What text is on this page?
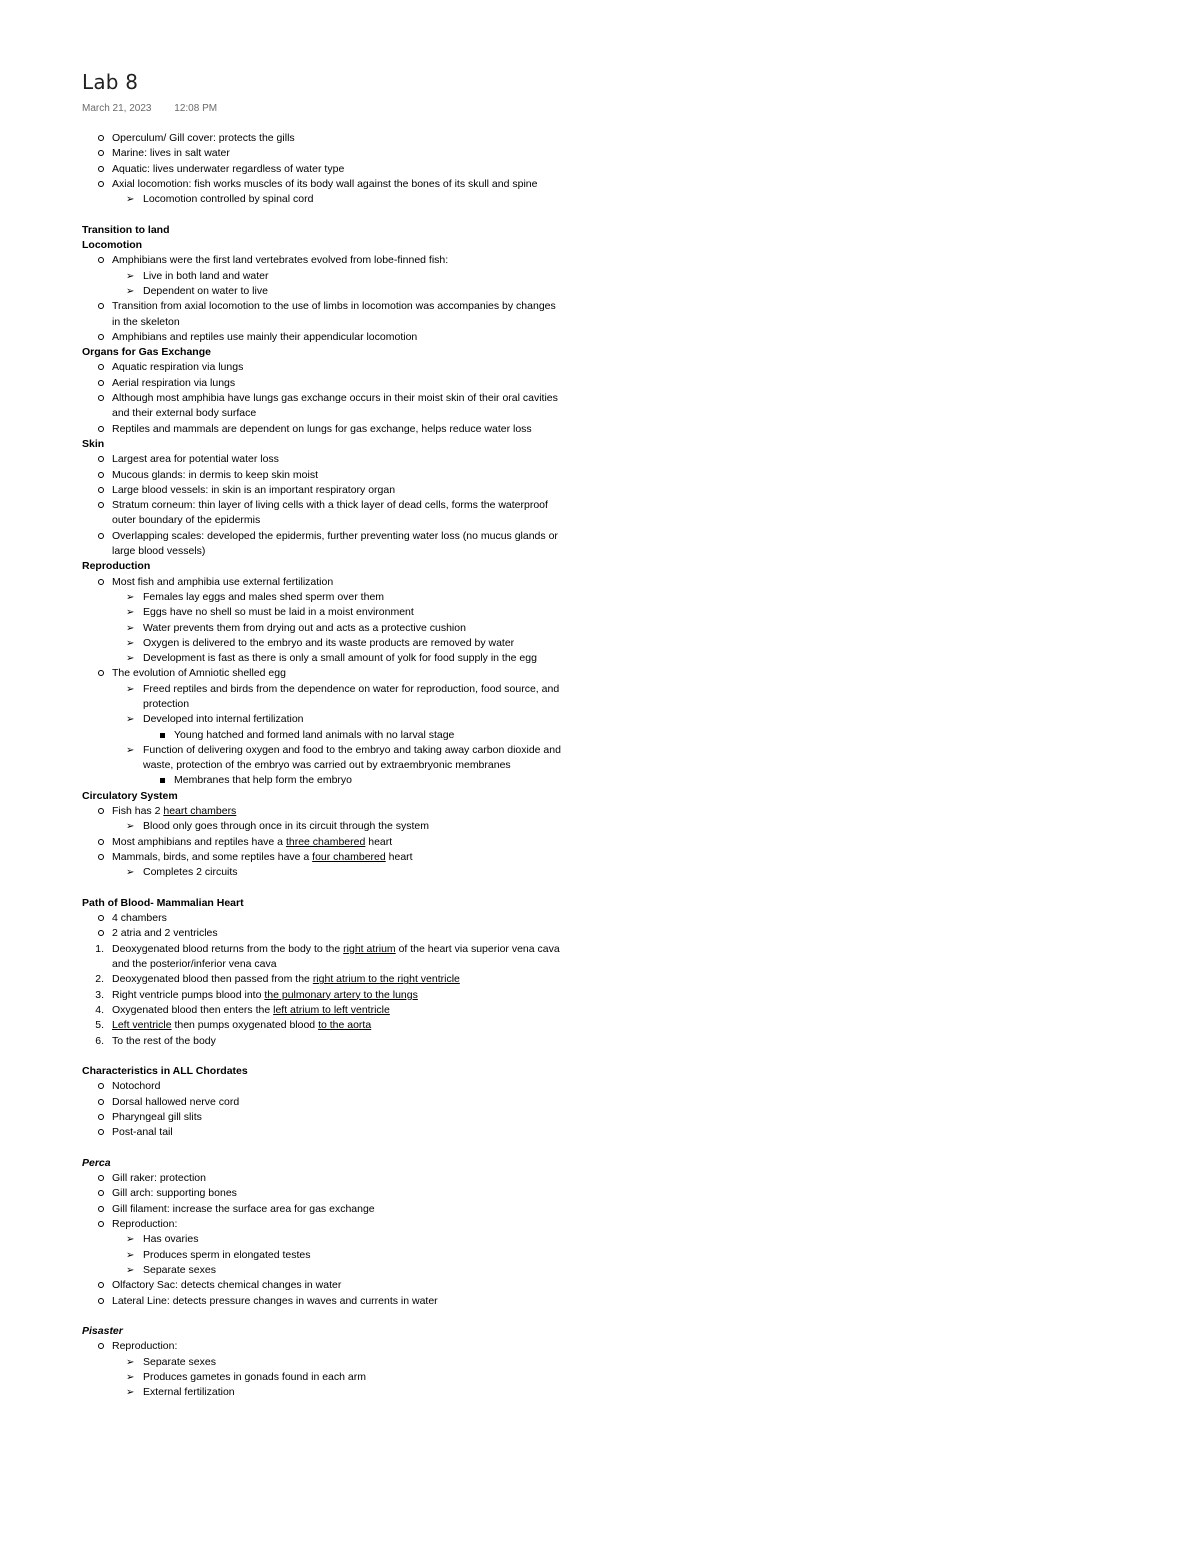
Lab 8
March 21, 2023 12:08 PM
Operculum/ Gill cover: protects the gills
Marine: lives in salt water
Aquatic: lives underwater regardless of water type
Axial locomotion: fish works muscles of its body wall against the bones of its skull and spine
➢ Locomotion controlled by spinal cord
Transition to land
Locomotion
Amphibians were the first land vertebrates evolved from lobe-finned fish:
➢ Live in both land and water
➢ Dependent on water to live
Transition from axial locomotion to the use of limbs in locomotion was accompanies by changes in the skeleton
Amphibians and reptiles use mainly their appendicular locomotion
Organs for Gas Exchange
Aquatic respiration via lungs
Aerial respiration via lungs
Although most amphibia have lungs gas exchange occurs in their moist skin of their oral cavities and their external body surface
Reptiles and mammals are dependent on lungs for gas exchange, helps reduce water loss
Skin
Largest area for potential water loss
Mucous glands: in dermis to keep skin moist
Large blood vessels: in skin is an important respiratory organ
Stratum corneum: thin layer of living cells with a thick layer of dead cells, forms the waterproof outer boundary of the epidermis
Overlapping scales: developed the epidermis, further preventing water loss (no mucus glands or large blood vessels)
Reproduction
Most fish and amphibia use external fertilization
➢ Females lay eggs and males shed sperm over them
➢ Eggs have no shell so must be laid in a moist environment
➢ Water prevents them from drying out and acts as a protective cushion
➢ Oxygen is delivered to the embryo and its waste products are removed by water
➢ Development is fast as there is only a small amount of yolk for food supply in the egg
The evolution of Amniotic shelled egg
➢ Freed reptiles and birds from the dependence on water for reproduction, food source, and protection
➢ Developed into internal fertilization
Young hatched and formed land animals with no larval stage
➢ Function of delivering oxygen and food to the embryo and taking away carbon dioxide and waste, protection of the embryo was carried out by extraembryonic membranes
Membranes that help form the embryo
Circulatory System
Fish has 2 heart chambers
➢ Blood only goes through once in its circuit through the system
Most amphibians and reptiles have a three chambered heart
Mammals, birds, and some reptiles have a four chambered heart
➢ Completes 2 circuits
Path of Blood- Mammalian Heart
4 chambers
2 atria and 2 ventricles
1. Deoxygenated blood returns from the body to the right atrium of the heart via superior vena cava and the posterior/inferior vena cava
2. Deoxygenated blood then passed from the right atrium to the right ventricle
3. Right ventricle pumps blood into the pulmonary artery to the lungs
4. Oxygenated blood then enters the left atrium to left ventricle
5. Left ventricle then pumps oxygenated blood to the aorta
6. To the rest of the body
Characteristics in ALL Chordates
Notochord
Dorsal hallowed nerve cord
Pharyngeal gill slits
Post-anal tail
Perca
Gill raker: protection
Gill arch: supporting bones
Gill filament: increase the surface area for gas exchange
Reproduction:
➢ Has ovaries
➢ Produces sperm in elongated testes
➢ Separate sexes
Olfactory Sac: detects chemical changes in water
Lateral Line: detects pressure changes in waves and currents in water
Pisaster
Reproduction:
➢ Separate sexes
➢ Produces gametes in gonads found in each arm
➢ External fertilization
